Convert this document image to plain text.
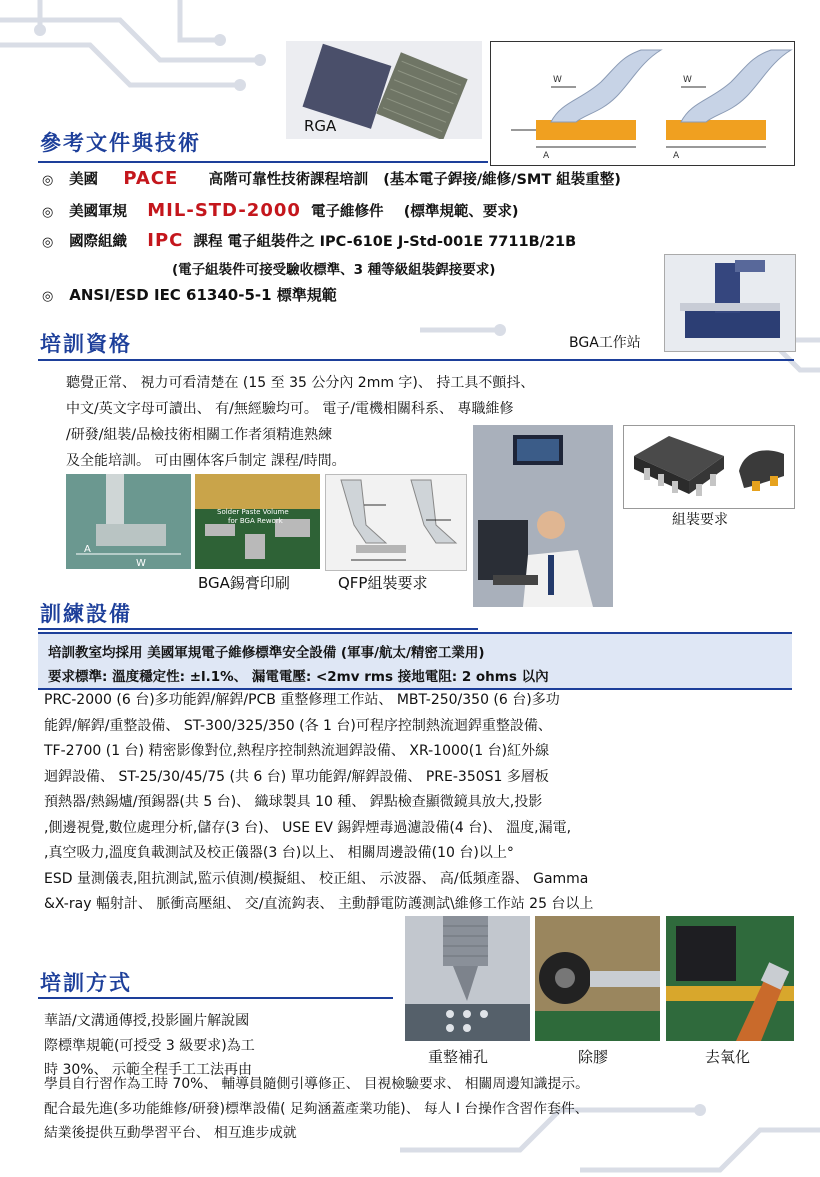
RGA
W	W
A	A
參考文件與技術
◎ 美國 PACE 高階可靠性技術課程培訓 (基本電子銲接/維修/SMT 組裝重整)
◎ 美國軍規 MIL-STD-2000 電子維修件 (標準規範、要求)
◎ 國際組織 IPC 課程 電子組裝件之 IPC-610E J-Std-001E 7711B/21B
(電子組裝件可接受驗收標準、3 種等級組裝銲接要求)
◎ ANSI/ESD IEC 61340-5-1 標準規範
BGA工作站
培訓資格
聽覺正常、 視力可看清楚在 (15 至 35 公分內 2mm 字)、 持工具不顫抖、
中文/英文字母可讀出、 有/無經驗均可。 電子/電機相關科系、 專職維修
/研發/組裝/品檢技術相關工作者須精進熟練
及全能培訓。 可由團体客戶制定 課程/時間。
組裝要求
A
W
Solder Paste Volume
for BGA Rework
BGA錫膏印刷	QFP組裝要求
訓練設備
培訓教室均採用 美國軍規電子維修標準安全設備 (軍事/航太/精密工業用)
要求標準: 溫度穩定性: ±l.1%、 漏電電壓: <2mv rms 接地電阻: 2 ohms 以內
PRC-2000 (6 台)多功能銲/解銲/PCB 重整修理工作站、 MBT-250/350 (6 台)多功
能銲/解銲/重整設備、 ST-300/325/350 (各 1 台)可程序控制熱流迴銲重整設備、
TF-2700 (1 台) 精密影像對位,熱程序控制熱流迴銲設備、 XR-1000(1 台)紅外線
迴銲設備、 ST-25/30/45/75 (共 6 台) 單功能銲/解銲設備、 PRE-350S1 多層板
預熱器/熱錫爐/預錫器(共 5 台)、 織球製具 10 種、 銲點檢查顯微鏡具放大,投影
,側邊視覺,數位處理分析,儲存(3 台)、 USE EV 錫銲煙毒過濾設備(4 台)、 溫度,漏電,
,真空吸力,溫度負載測試及校正儀器(3 台)以上、 相關周邊設備(10 台)以上°
ESD 量測儀表,阻抗測試,監示偵測/模擬組、 校正組、 示波器、 高/低頻產器、 Gamma
&X-ray 輻射計、 脈衝高壓組、 交/直流鈎表、 主動靜電防護測試\維修工作站 25 台以上
重整補孔	除膠	去氧化
培訓方式
華語/文溝通傳授,投影圖片解說國
際標準規範(可授受 3 級要求)為工
時 30%、 示範全程手工工法再由
學員自行習作為工時 70%、 輔導員隨側引導修正、 目視檢驗要求、 相關周邊知識提示。
配合最先進(多功能維修/研發)標準設備( 足夠涵蓋產業功能)、 每人 I 台操作含習作套件、
結業後提供互動學習平台、 相互進步成就
